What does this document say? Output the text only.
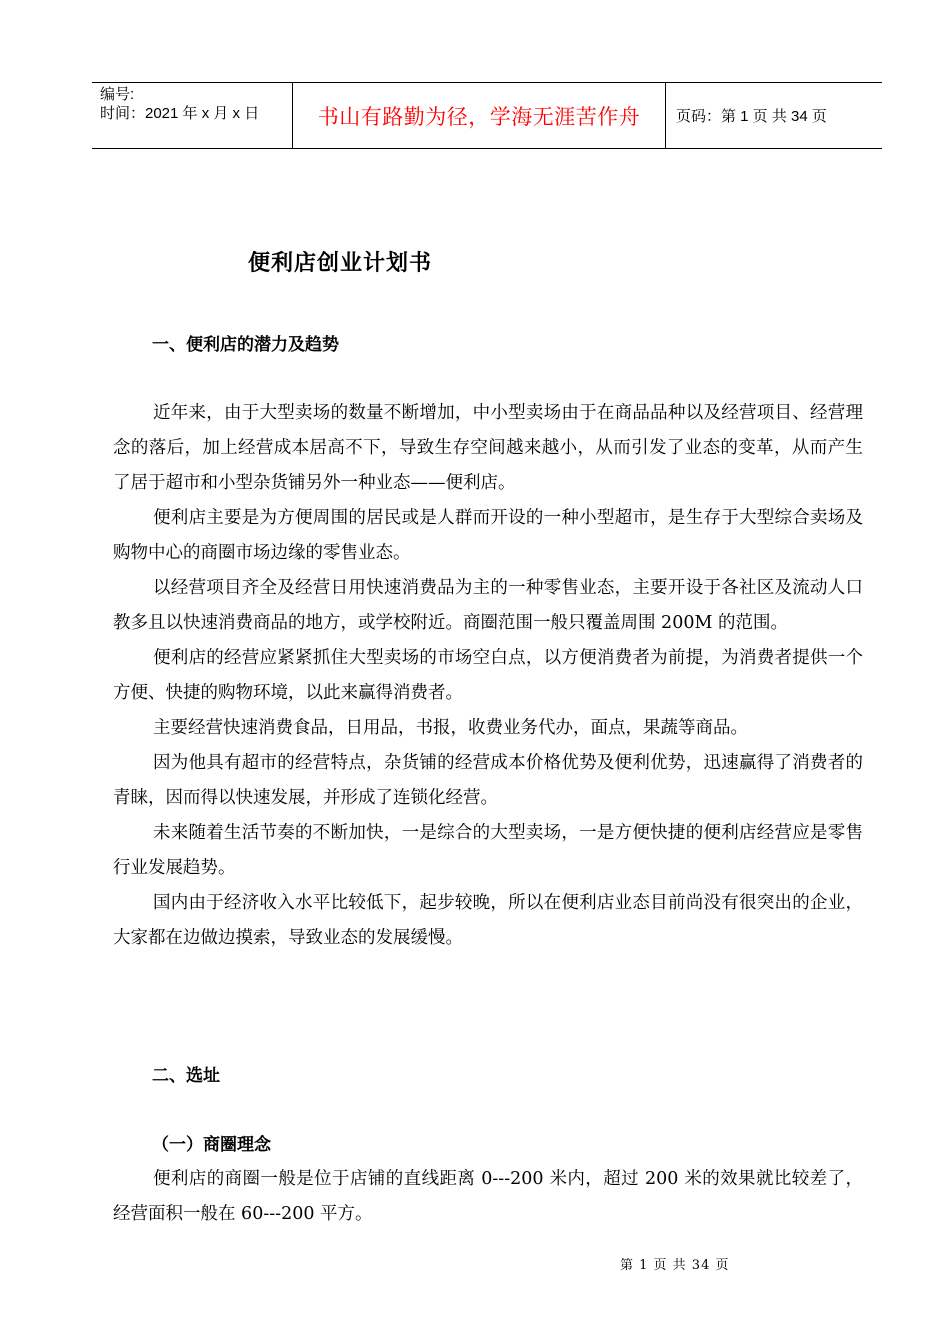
编号:
时间：2021 年 x 月 x 日	书山有路勤为径，学海无涯苦作舟	页码：第 1 页 共 34 页
便利店创业计划书
一、便利店的潜力及趋势

近年来，由于大型卖场的数量不断增加，中小型卖场由于在商品品种以及经营项目、经营理念的落后，加上经营成本居高不下，导致生存空间越来越小，从而引发了业态的变革，从而产生了居于超市和小型杂货铺另外一种业态——便利店。

便利店主要是为方便周围的居民或是人群而开设的一种小型超市，是生存于大型综合卖场及购物中心的商圈市场边缘的零售业态。

以经营项目齐全及经营日用快速消费品为主的一种零售业态，主要开设于各社区及流动人口教多且以快速消费商品的地方，或学校附近。商圈范围一般只覆盖周围 200M 的范围。

便利店的经营应紧紧抓住大型卖场的市场空白点，以方便消费者为前提，为消费者提供一个方便、快捷的购物环境，以此来赢得消费者。

主要经营快速消费食品，日用品，书报，收费业务代办，面点，果蔬等商品。

因为他具有超市的经营特点，杂货铺的经营成本价格优势及便利优势，迅速赢得了消费者的青睐，因而得以快速发展，并形成了连锁化经营。

未来随着生活节奏的不断加快，一是综合的大型卖场，一是方便快捷的便利店经营应是零售行业发展趋势。

国内由于经济收入水平比较低下，起步较晚，所以在便利店业态目前尚没有很突出的企业，大家都在边做边摸索，导致业态的发展缓慢。

二、选址
（一）商圈理念

便利店的商圈一般是位于店铺的直线距离 0---200 米内，超过 200 米的效果就比较差了，经营面积一般在 60---200 平方。

第 1 页 共 34 页
